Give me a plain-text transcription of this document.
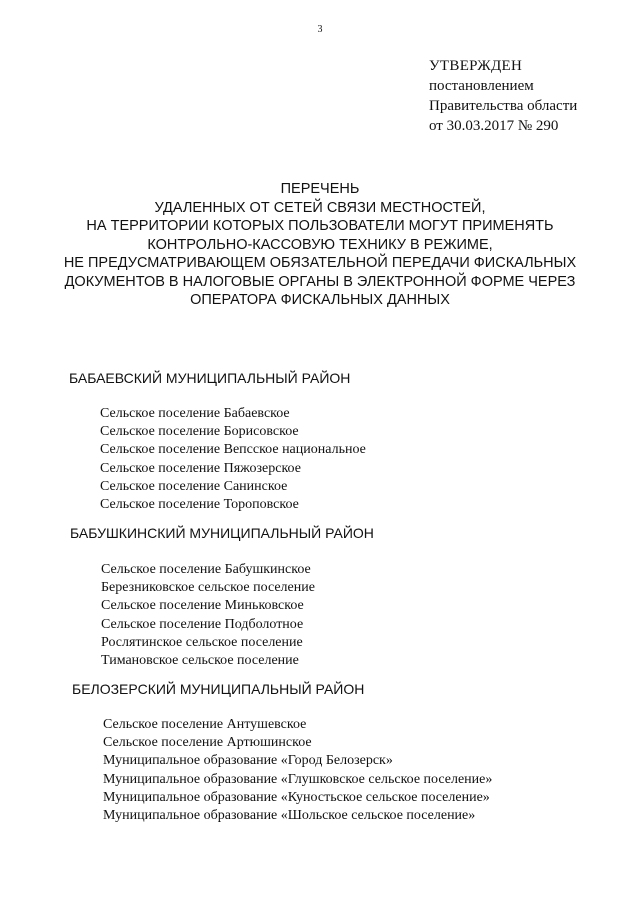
3
УТВЕРЖДЕН
постановлением
Правительства области
от 30.03.2017 № 290
ПЕРЕЧЕНЬ
УДАЛЕННЫХ ОТ СЕТЕЙ СВЯЗИ МЕСТНОСТЕЙ,
НА ТЕРРИТОРИИ КОТОРЫХ ПОЛЬЗОВАТЕЛИ МОГУТ ПРИМЕНЯТЬ
КОНТРОЛЬНО-КАССОВУЮ ТЕХНИКУ В РЕЖИМЕ,
НЕ ПРЕДУСМАТРИВАЮЩЕМ ОБЯЗАТЕЛЬНОЙ ПЕРЕДАЧИ ФИСКАЛЬНЫХ
ДОКУМЕНТОВ В НАЛОГОВЫЕ ОРГАНЫ В ЭЛЕКТРОННОЙ ФОРМЕ ЧЕРЕЗ
ОПЕРАТОРА ФИСКАЛЬНЫХ ДАННЫХ
БАБАЕВСКИЙ МУНИЦИПАЛЬНЫЙ РАЙОН
Сельское поселение Бабаевское
Сельское поселение Борисовское
Сельское поселение Вепсское национальное
Сельское поселение Пяжозерское
Сельское поселение Санинское
Сельское поселение Тороповское
БАБУШКИНСКИЙ МУНИЦИПАЛЬНЫЙ РАЙОН
Сельское поселение Бабушкинское
Березниковское сельское поселение
Сельское поселение Миньковское
Сельское поселение Подболотное
Рослятинское сельское поселение
Тимановское сельское поселение
БЕЛОЗЕРСКИЙ МУНИЦИПАЛЬНЫЙ РАЙОН
Сельское поселение Антушевское
Сельское поселение Артюшинское
Муниципальное образование «Город Белозерск»
Муниципальное образование «Глушковское сельское поселение»
Муниципальное образование «Куностьское сельское поселение»
Муниципальное образование «Шольское сельское поселение»
